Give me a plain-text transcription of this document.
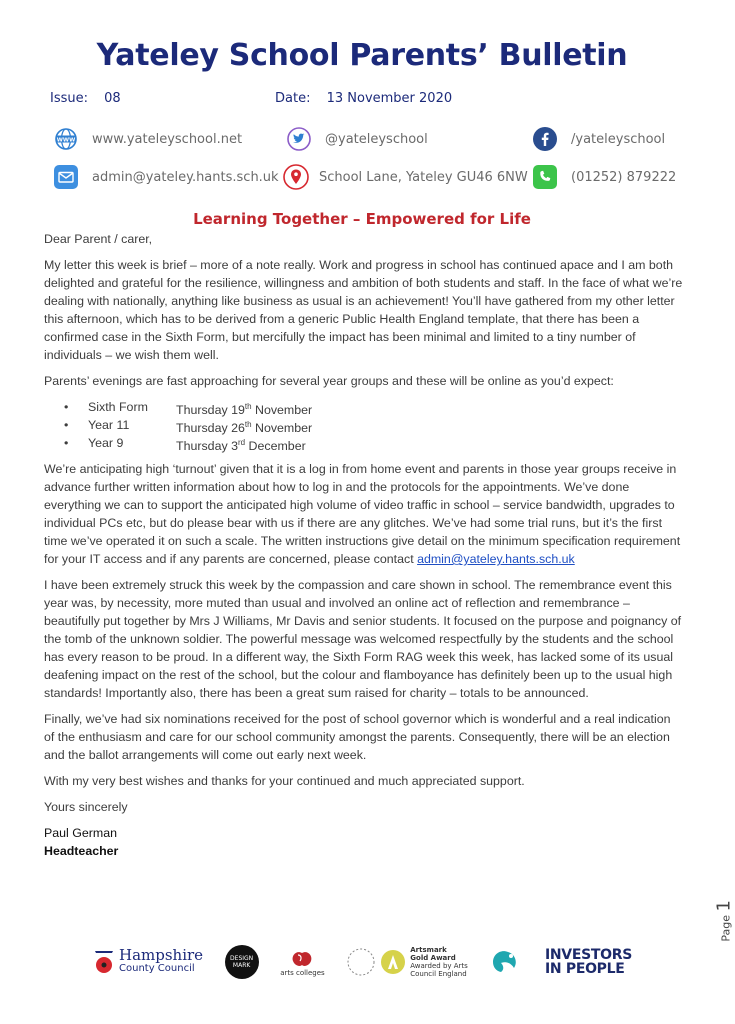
Yateley School Parents’ Bulletin
Issue: 08	Date: 13 November 2020
WWW www.yateleyschool.net	@yateleyschool	/yateleyschool
admin@yateley.hants.sch.uk	School Lane, Yateley GU46 6NW	(01252) 879222
Learning Together – Empowered for Life

Dear Parent / carer,

My letter this week is brief – more of a note really. Work and progress in school has continued apace and I am both delighted and grateful for the resilience, willingness and ambition of both students and staff. In the face of what we’re dealing with nationally, anything like business as usual is an achievement! You’ll have gathered from my other letter this afternoon, which has to be derived from a generic Public Health England template, that there has been a confirmed case in the Sixth Form, but mercifully the impact has been minimal and limited to a tiny number of individuals – we wish them well.

Parents’ evenings are fast approaching for several year groups and these will be online as you’d expect:

•	Sixth Form	Thursday 19th November
•	Year 11	Thursday 26th November
•	Year 9	Thursday 3rd December

We’re anticipating high ‘turnout’ given that it is a log in from home event and parents in those year groups receive in advance further written information about how to log in and the protocols for the appointments. We’ve done everything we can to support the anticipated high volume of video traffic in school – service bandwidth, upgrades to individual PCs etc, but do please bear with us if there are any glitches. We’ve had some trial runs, but it’s the first time we’ve operated it on such a scale. The written instructions give detail on the minimum specification requirement for your IT access and if any parents are concerned, please contact admin@yateley.hants.sch.uk

I have been extremely struck this week by the compassion and care shown in school. The remembrance event this year was, by necessity, more muted than usual and involved an online act of reflection and remembrance – beautifully put together by Mrs J Williams, Mr Davis and senior students. It focused on the purpose and poignancy of the tomb of the unknown soldier. The powerful message was welcomed respectfully by the students and the school has every reason to be proud. In a different way, the Sixth Form RAG week this week, has lacked some of its usual deafening impact on the rest of the school, but the colour and flamboyance has definitely been up to the usual high standards! Importantly also, there has been a great sum raised for charity – totals to be announced.

Finally, we’ve had six nominations received for the post of school governor which is wonderful and a real indication of the enthusiasm and care for our school community amongst the parents. Consequently, there will be an election and the ballot arrangements will come out early next week.

With my very best wishes and thanks for your continued and much appreciated support.

Yours sincerely

Paul German
Headteacher
Page 1
Hampshire
County Council
DESIGN MARK
arts colleges
Artsmark
Gold Award
Awarded by Arts
Council England
INVESTORS
IN PEOPLE
